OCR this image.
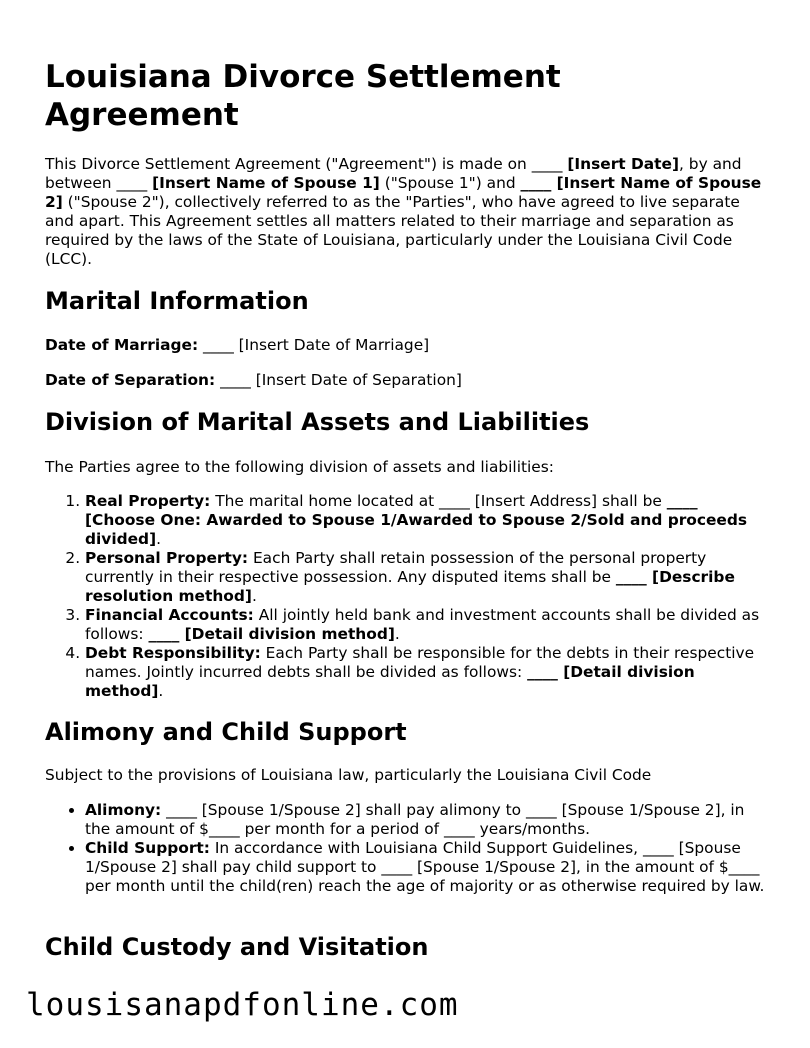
Louisiana Divorce Settlement Agreement

This Divorce Settlement Agreement ("Agreement") is made on ____ [Insert Date], by and between ____ [Insert Name of Spouse 1] ("Spouse 1") and ____ [Insert Name of Spouse 2] ("Spouse 2"), collectively referred to as the "Parties", who have agreed to live separate and apart. This Agreement settles all matters related to their marriage and separation as required by the laws of the State of Louisiana, particularly under the Louisiana Civil Code (LCC).

Marital Information

Date of Marriage: ____ [Insert Date of Marriage]

Date of Separation: ____ [Insert Date of Separation]

Division of Marital Assets and Liabilities

The Parties agree to the following division of assets and liabilities:

1. Real Property: The marital home located at ____ [Insert Address] shall be ____ [Choose One: Awarded to Spouse 1/Awarded to Spouse 2/Sold and proceeds divided].
2. Personal Property: Each Party shall retain possession of the personal property currently in their respective possession. Any disputed items shall be ____ [Describe resolution method].
3. Financial Accounts: All jointly held bank and investment accounts shall be divided as follows: ____ [Detail division method].
4. Debt Responsibility: Each Party shall be responsible for the debts in their respective names. Jointly incurred debts shall be divided as follows: ____ [Detail division method].
Alimony and Child Support

Subject to the provisions of Louisiana law, particularly the Louisiana Civil Code

• Alimony: ____ [Spouse 1/Spouse 2] shall pay alimony to ____ [Spouse 1/Spouse 2], in the amount of $____ per month for a period of ____ years/months.
• Child Support: In accordance with Louisiana Child Support Guidelines, ____ [Spouse 1/Spouse 2] shall pay child support to ____ [Spouse 1/Spouse 2], in the amount of $____ per month until the child(ren) reach the age of majority or as otherwise required by law.
Child Custody and Visitation
lousisanapdfonline.com
